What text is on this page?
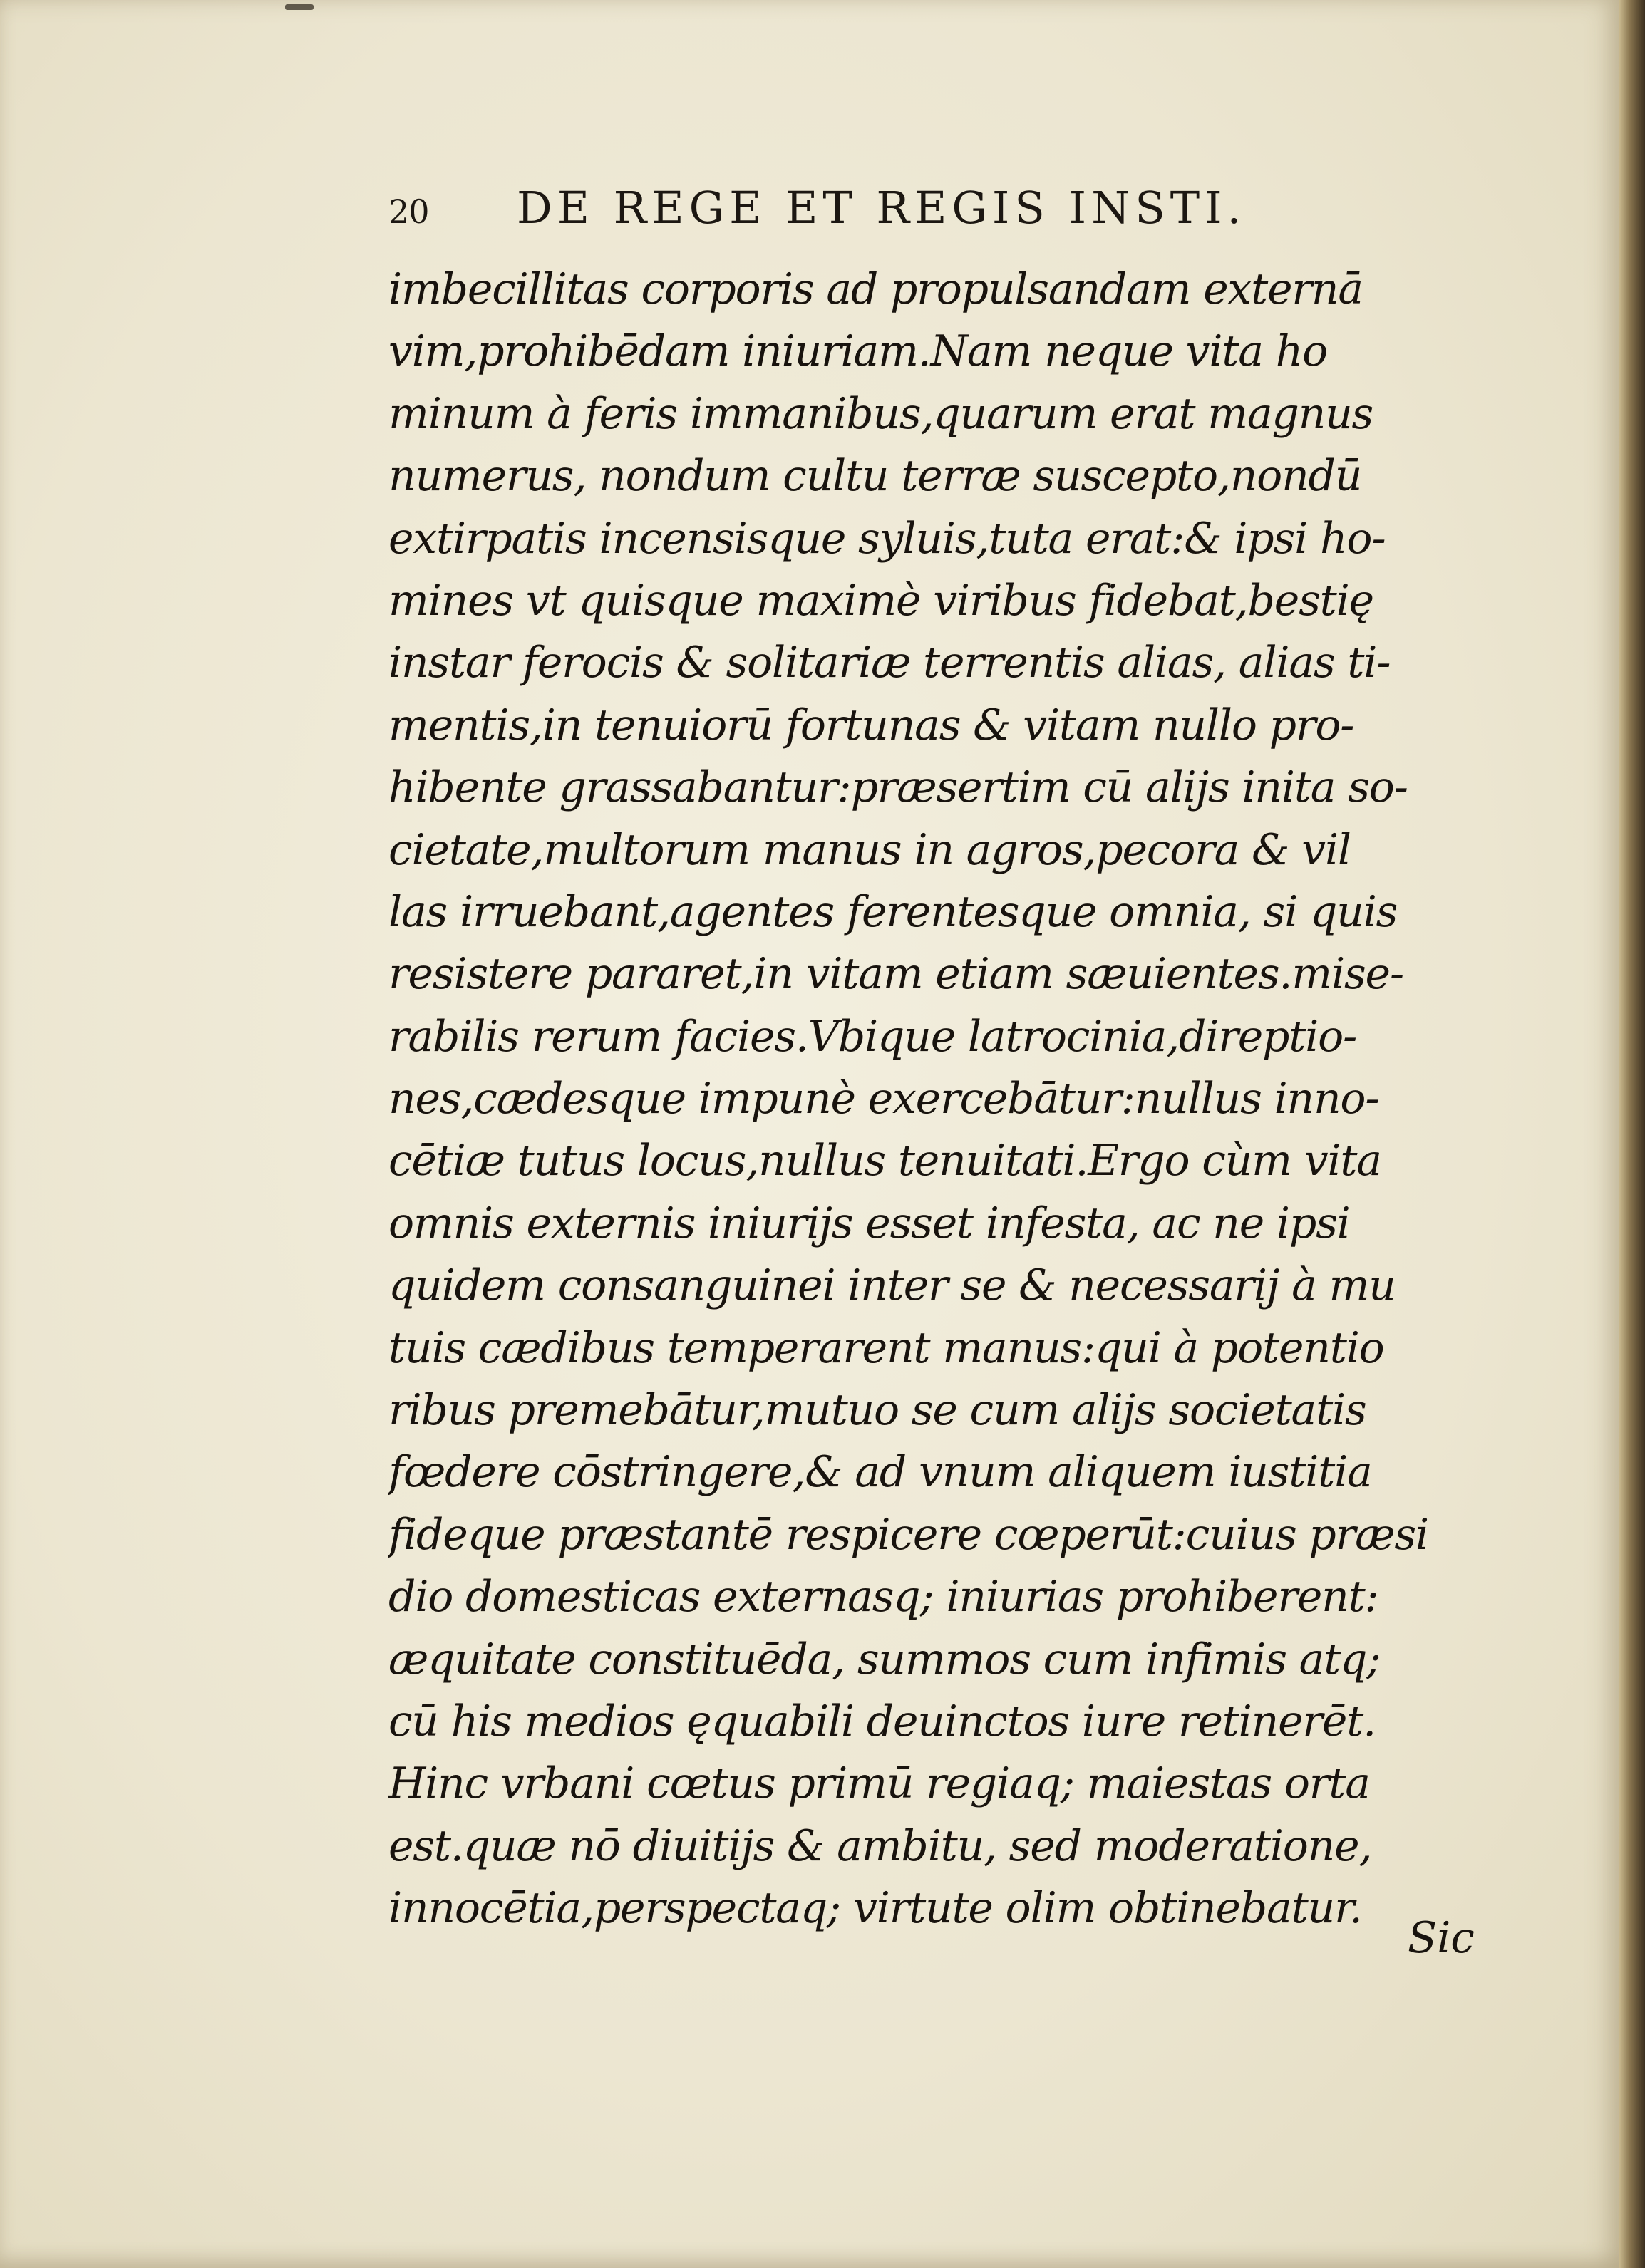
20	DE REGE ET REGIS INSTI.
imbecillitas corporis ad propulsandam externā
vim,prohibēdam iniuriam.Nam neque vita ho
minum à feris immanibus,quarum erat magnus
numerus, nondum cultu terræ suscepto,nondū
extirpatis incensisque syluis,tuta erat:& ipsi ho-
mines vt quisque maximè viribus fidebat,bestię
instar ferocis & solitariæ terrentis alias, alias ti-
mentis,in tenuiorū fortunas & vitam nullo pro-
hibente grassabantur:præsertim cū alijs inita so-
cietate,multorum manus in agros,pecora & vil
las irruebant,agentes ferentesque omnia, si quis
resistere pararet,in vitam etiam sæuientes.mise-
rabilis rerum facies.Vbique latrocinia,direptio-
nes,cædesque impunè exercebātur:nullus inno-
cētiæ tutus locus,nullus tenuitati.Ergo cùm vita
omnis externis iniurijs esset infesta, ac ne ipsi
quidem consanguinei inter se & necessarij à mu
tuis cædibus temperarent manus:qui à potentio
ribus premebātur,mutuo se cum alijs societatis
fœdere cōstringere,& ad vnum aliquem iustitia
fideque præstantē respicere cœperūt:cuius præsi
dio domesticas externasq; iniurias prohiberent:
æquitate constituēda, summos cum infimis atq;
cū his medios ęquabili deuinctos iure retinerēt.
Hinc vrbani cœtus primū regiaq; maiestas orta
est.quæ nō diuitijs & ambitu, sed moderatione,
innocētia,perspectaq; virtute olim obtinebatur.
Sic
